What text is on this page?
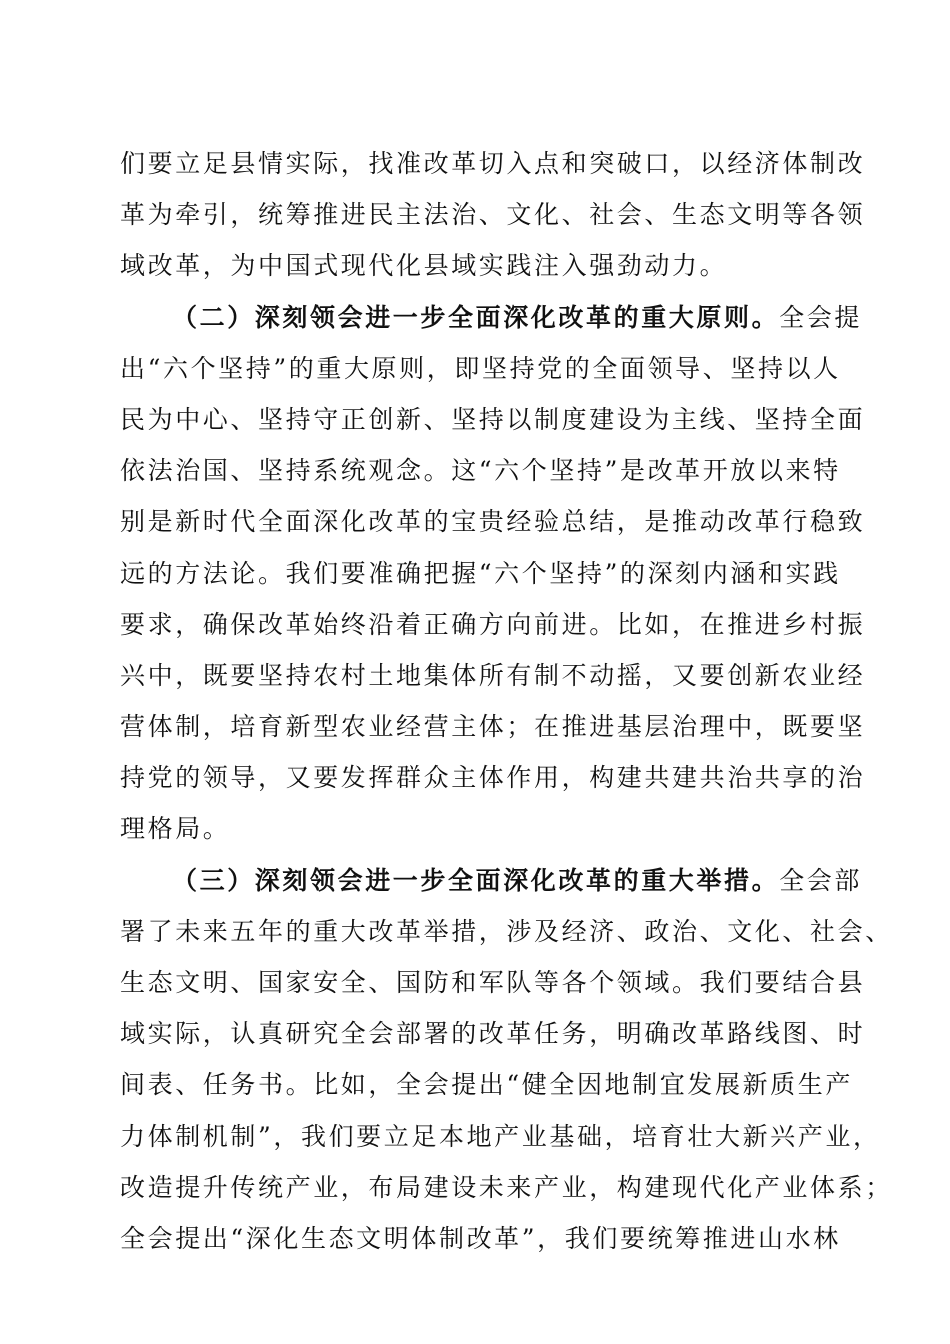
们要立足县情实际，找准改革切入点和突破口，以经济体制改
革为牵引，统筹推进民主法治、文化、社会、生态文明等各领
域改革，为中国式现代化县域实践注入强劲动力。
（二）深刻领会进一步全面深化改革的重大原则。全会提
出“六个坚持”的重大原则，即坚持党的全面领导、坚持以人
民为中心、坚持守正创新、坚持以制度建设为主线、坚持全面
依法治国、坚持系统观念。这“六个坚持”是改革开放以来特
别是新时代全面深化改革的宝贵经验总结，是推动改革行稳致
远的方法论。我们要准确把握“六个坚持”的深刻内涵和实践
要求，确保改革始终沿着正确方向前进。比如，在推进乡村振
兴中，既要坚持农村土地集体所有制不动摇，又要创新农业经
营体制，培育新型农业经营主体；在推进基层治理中，既要坚
持党的领导，又要发挥群众主体作用，构建共建共治共享的治
理格局。
（三）深刻领会进一步全面深化改革的重大举措。全会部
署了未来五年的重大改革举措，涉及经济、政治、文化、社会、
生态文明、国家安全、国防和军队等各个领域。我们要结合县
域实际，认真研究全会部署的改革任务，明确改革路线图、时
间表、任务书。比如，全会提出“健全因地制宜发展新质生产
力体制机制”，我们要立足本地产业基础，培育壮大新兴产业，
改造提升传统产业，布局建设未来产业，构建现代化产业体系；
全会提出“深化生态文明体制改革”，我们要统筹推进山水林
